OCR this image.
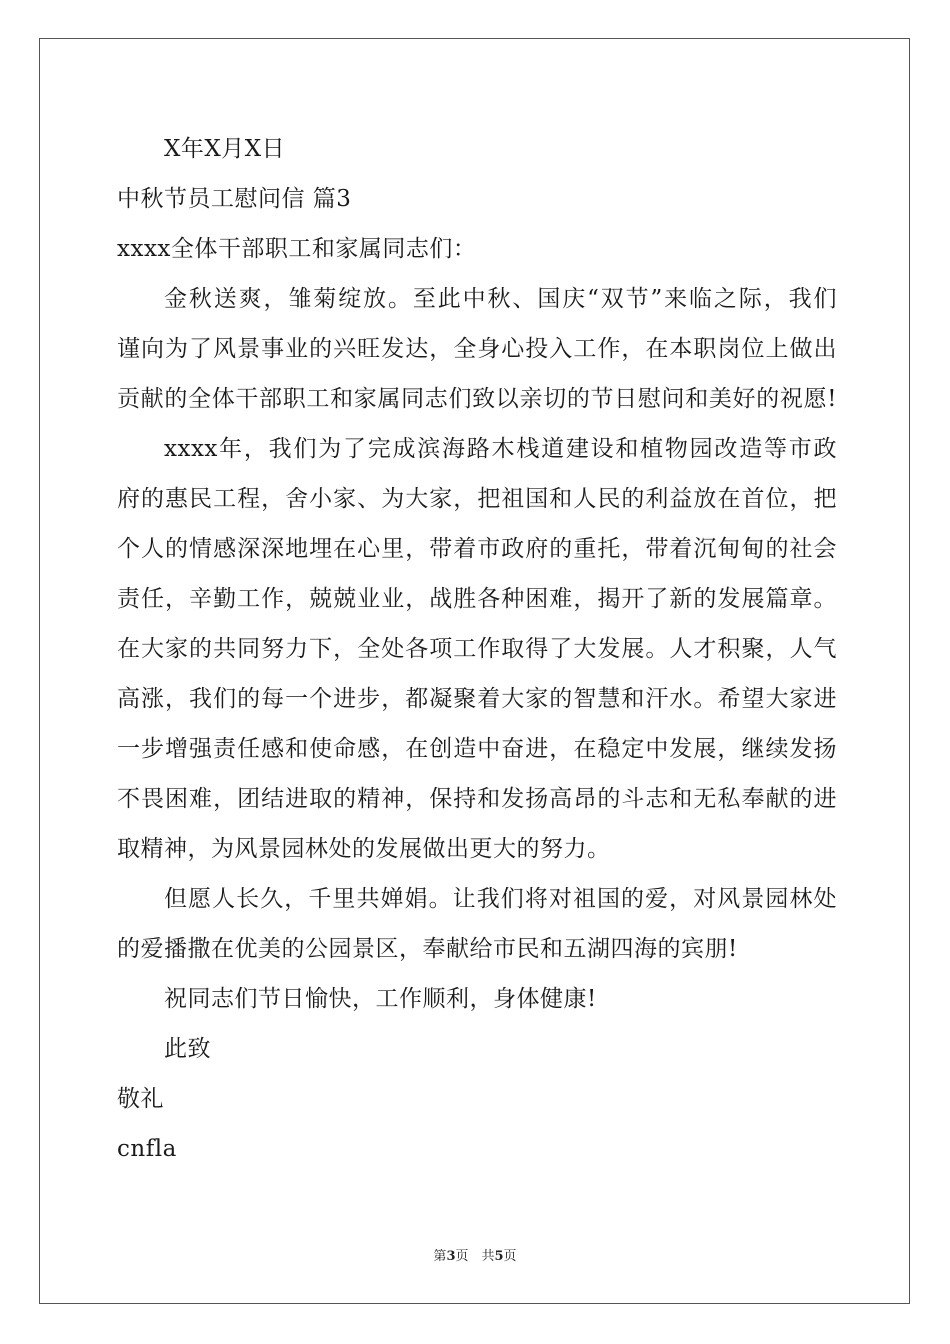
X年X月X日
中秋节员工慰问信 篇3
xxxx全体干部职工和家属同志们：
金秋送爽，雏菊绽放。至此中秋、国庆“双节”来临之际，我们
谨向为了风景事业的兴旺发达，全身心投入工作，在本职岗位上做出
贡献的全体干部职工和家属同志们致以亲切的节日慰问和美好的祝愿!
xxxx年，我们为了完成滨海路木栈道建设和植物园改造等市政
府的惠民工程，舍小家、为大家，把祖国和人民的利益放在首位，把
个人的情感深深地埋在心里，带着市政府的重托，带着沉甸甸的社会
责任，辛勤工作，兢兢业业，战胜各种困难，揭开了新的发展篇章。
在大家的共同努力下，全处各项工作取得了大发展。人才积聚，人气
高涨，我们的每一个进步，都凝聚着大家的智慧和汗水。希望大家进
一步增强责任感和使命感，在创造中奋进，在稳定中发展，继续发扬
不畏困难，团结进取的精神，保持和发扬高昂的斗志和无私奉献的进
取精神，为风景园林处的发展做出更大的努力。
但愿人长久，千里共婵娟。让我们将对祖国的爱，对风景园林处
的爱播撒在优美的公园景区，奉献给市民和五湖四海的宾朋!
祝同志们节日愉快，工作顺利，身体健康!
此致
敬礼
cnfla
第3页　共5页
